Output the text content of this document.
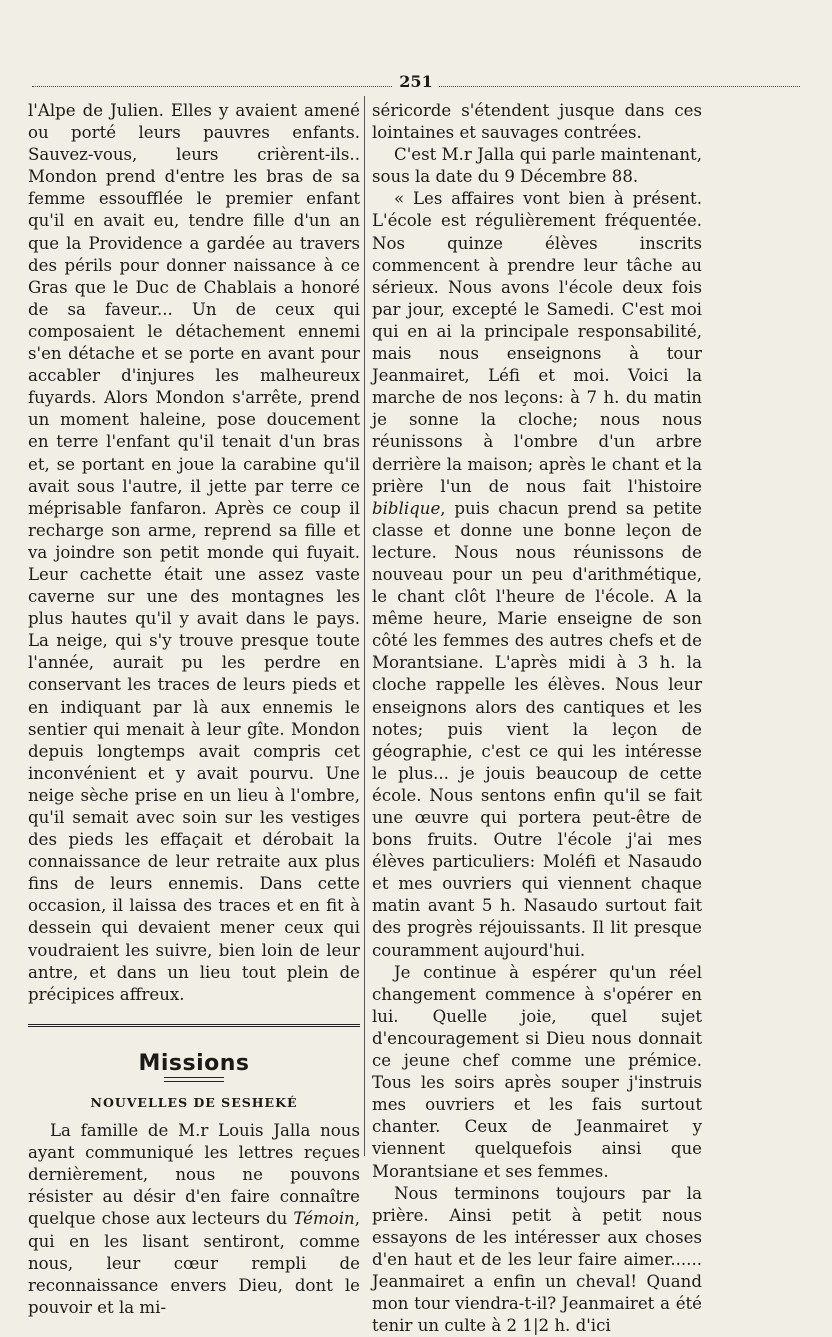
251

l'Alpe de Julien. Elles y avaient amené ou porté leurs pauvres enfants. Sauvez-vous, leurs crièrent-ils.. Mondon prend d'entre les bras de sa femme essoufflée le premier enfant qu'il en avait eu, tendre fille d'un an que la Providence a gardée au travers des périls pour donner naissance à ce Gras que le Duc de Chablais a honoré de sa faveur... Un de ceux qui composaient le détachement ennemi s'en détache et se porte en avant pour accabler d'injures les malheureux fuyards. Alors Mondon s'arrête, prend un moment haleine, pose doucement en terre l'enfant qu'il tenait d'un bras et, se portant en joue la carabine qu'il avait sous l'autre, il jette par terre ce méprisable fanfaron. Après ce coup il recharge son arme, reprend sa fille et va joindre son petit monde qui fuyait. Leur cachette était une assez vaste caverne sur une des montagnes les plus hautes qu'il y avait dans le pays. La neige, qui s'y trouve presque toute l'année, aurait pu les perdre en conservant les traces de leurs pieds et en indiquant par là aux ennemis le sentier qui menait à leur gîte. Mondon depuis longtemps avait compris cet inconvénient et y avait pourvu. Une neige sèche prise en un lieu à l'ombre, qu'il semait avec soin sur les vestiges des pieds les effaçait et dérobait la connaissance de leur retraite aux plus fins de leurs ennemis. Dans cette occasion, il laissa des traces et en fit à dessein qui devaient mener ceux qui voudraient les suivre, bien loin de leur antre, et dans un lieu tout plein de précipices affreux.

Missions
NOUVELLES DE SESHEKÉ

La famille de M.r Louis Jalla nous ayant communiqué les lettres reçues dernièrement, nous ne pouvons résister au désir d'en faire connaître quelque chose aux lecteurs du Témoin, qui en les lisant sentiront, comme nous, leur cœur rempli de reconnaissance envers Dieu, dont le pouvoir et la mi-

séricorde s'étendent jusque dans ces lointaines et sauvages contrées.

C'est M.r Jalla qui parle maintenant, sous la date du 9 Décembre 88.

« Les affaires vont bien à présent. L'école est régulièrement fréquentée. Nos quinze élèves inscrits commencent à prendre leur tâche au sérieux. Nous avons l'école deux fois par jour, excepté le Samedi. C'est moi qui en ai la principale responsabilité, mais nous enseignons à tour Jeanmairet, Léfi et moi. Voici la marche de nos leçons: à 7 h. du matin je sonne la cloche; nous nous réunissons à l'ombre d'un arbre derrière la maison; après le chant et la prière l'un de nous fait l'histoire biblique, puis chacun prend sa petite classe et donne une bonne leçon de lecture. Nous nous réunissons de nouveau pour un peu d'arithmétique, le chant clôt l'heure de l'école. A la même heure, Marie enseigne de son côté les femmes des autres chefs et de Morantsiane. L'après midi à 3 h. la cloche rappelle les élèves. Nous leur enseignons alors des cantiques et les notes; puis vient la leçon de géographie, c'est ce qui les intéresse le plus... je jouis beaucoup de cette école. Nous sentons enfin qu'il se fait une œuvre qui portera peut-être de bons fruits. Outre l'école j'ai mes élèves particuliers: Moléfi et Nasaudo et mes ouvriers qui viennent chaque matin avant 5 h. Nasaudo surtout fait des progrès réjouissants. Il lit presque couramment aujourd'hui.

Je continue à espérer qu'un réel changement commence à s'opérer en lui. Quelle joie, quel sujet d'encouragement si Dieu nous donnait ce jeune chef comme une prémice. Tous les soirs après souper j'instruis mes ouvriers et les fais surtout chanter. Ceux de Jeanmairet y viennent quelquefois ainsi que Morantsiane et ses femmes.

Nous terminons toujours par la prière. Ainsi petit à petit nous essayons de les intéresser aux choses d'en haut et de les leur faire aimer...... Jeanmairet a enfin un cheval! Quand mon tour viendra-t-il? Jeanmairet a été tenir un culte à 2 1|2 h. d'ici
